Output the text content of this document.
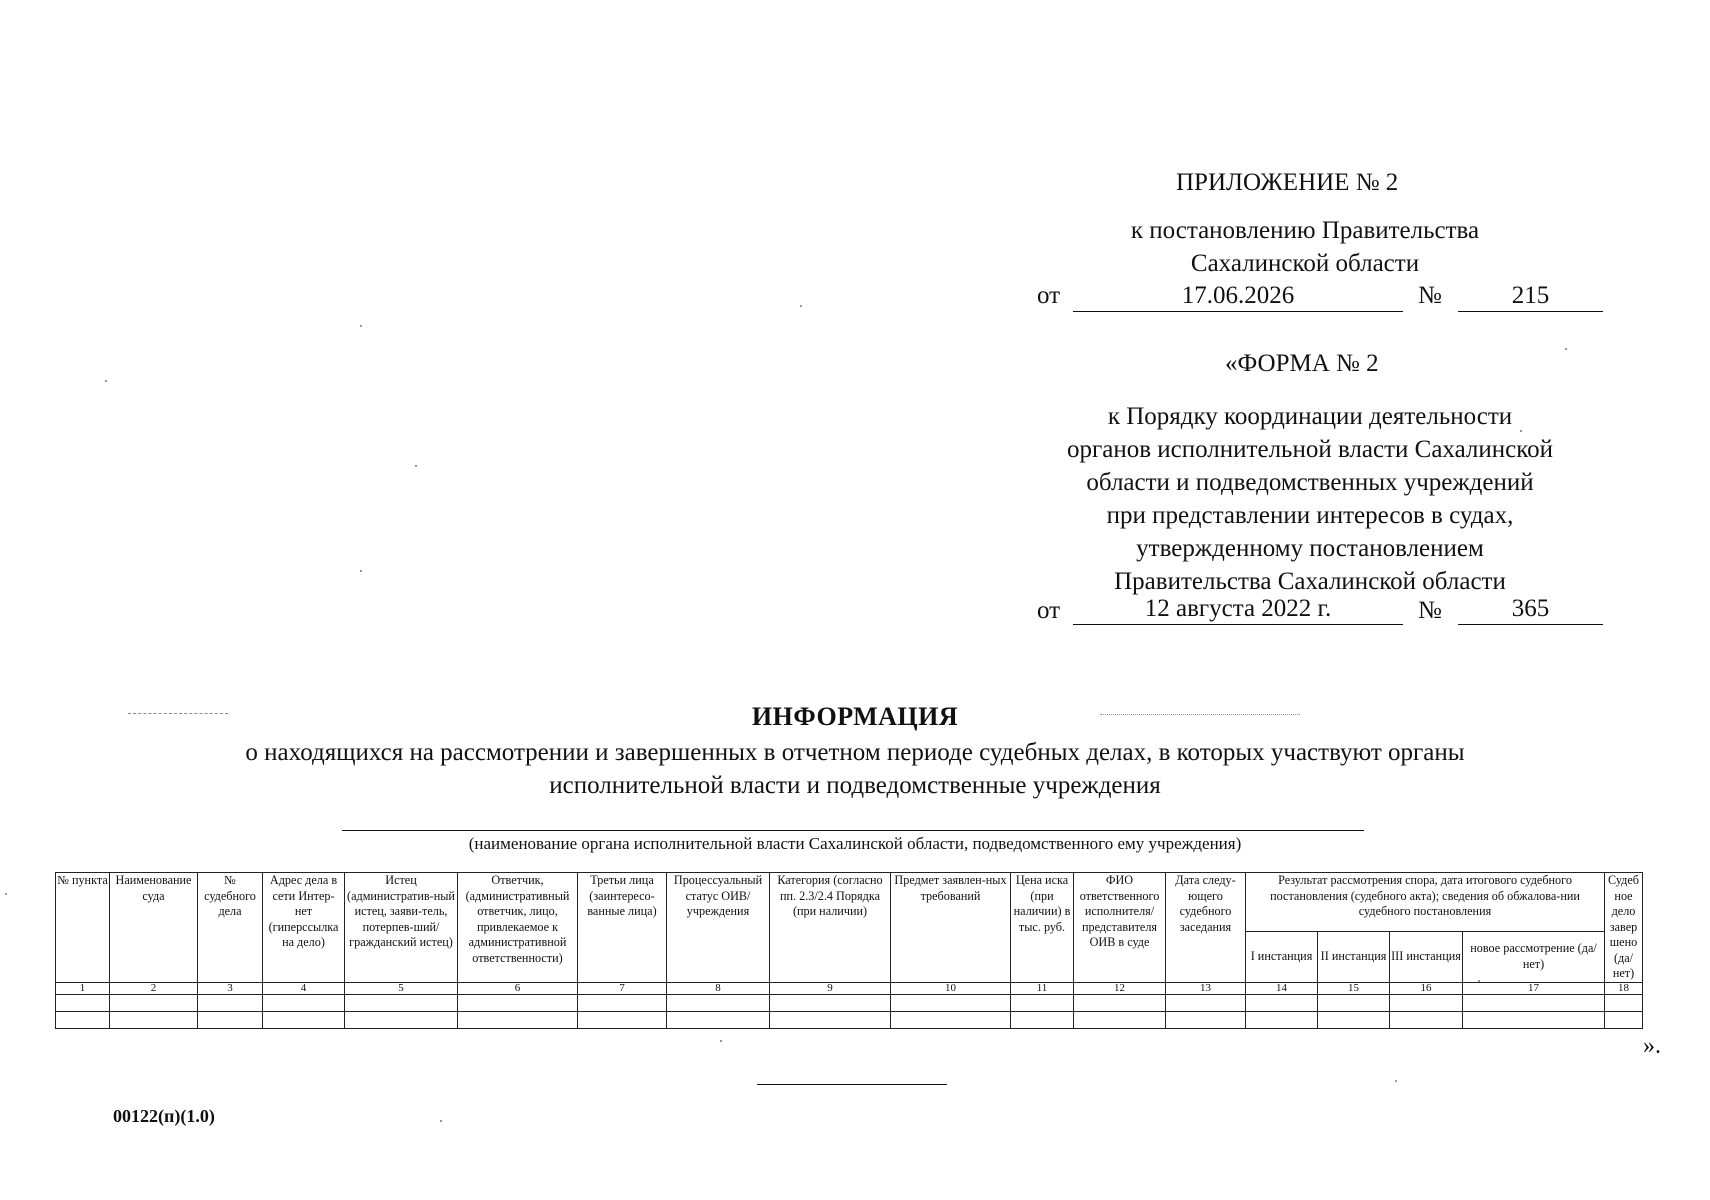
ПРИЛОЖЕНИЕ № 2
к постановлению Правительства
Сахалинской области
от	17.06.2026	№	215
«ФОРМА № 2
к Порядку координации деятельности
органов исполнительной власти Сахалинской
области и подведомственных учреждений
при представлении интересов в судах,
утвержденному постановлением
Правительства Сахалинской области
от	12 августа 2022 г.	№	365
ИНФОРМАЦИЯ
о находящихся на рассмотрении и завершенных в отчетном периоде судебных делах, в которых участвуют органы
исполнительной власти и подведомственные учреждения
(наименование органа исполнительной власти Сахалинской области, подведомственного ему учреждения)
№ пункта	Наименование суда	№ судебного дела	Адрес дела в сети Интер-нет (гиперссылка на дело)	Истец (административ-ный истец, заяви-тель, потерпев-ший/гражданский истец)	Ответчик, (административный ответчик, лицо, привлекаемое к административной ответственности)	Третьи лица (заинтересо-ванные лица)	Процессуальный статус ОИВ/ учреждения	Категория (согласно пп. 2.3/2.4 Порядка (при наличии)	Предмет заявлен-ных требований	Цена иска (при наличии) в тыс. руб.	ФИО ответственного исполнителя/ представителя ОИВ в суде	Дата следу-ющего судебного заседания	Результат рассмотрения спора, дата итогового судебного постановления (судебного акта); сведения об обжалова-нии судебного постановления				Судебное дело завершено (да/нет)
													I инстанция	II инстанция	III инстанция	новое рассмотрение (да/нет)	
1	2	3	4	5	6	7	8	9	10	11	12	13	14	15	16	17	18

».
00122(п)(1.0)
